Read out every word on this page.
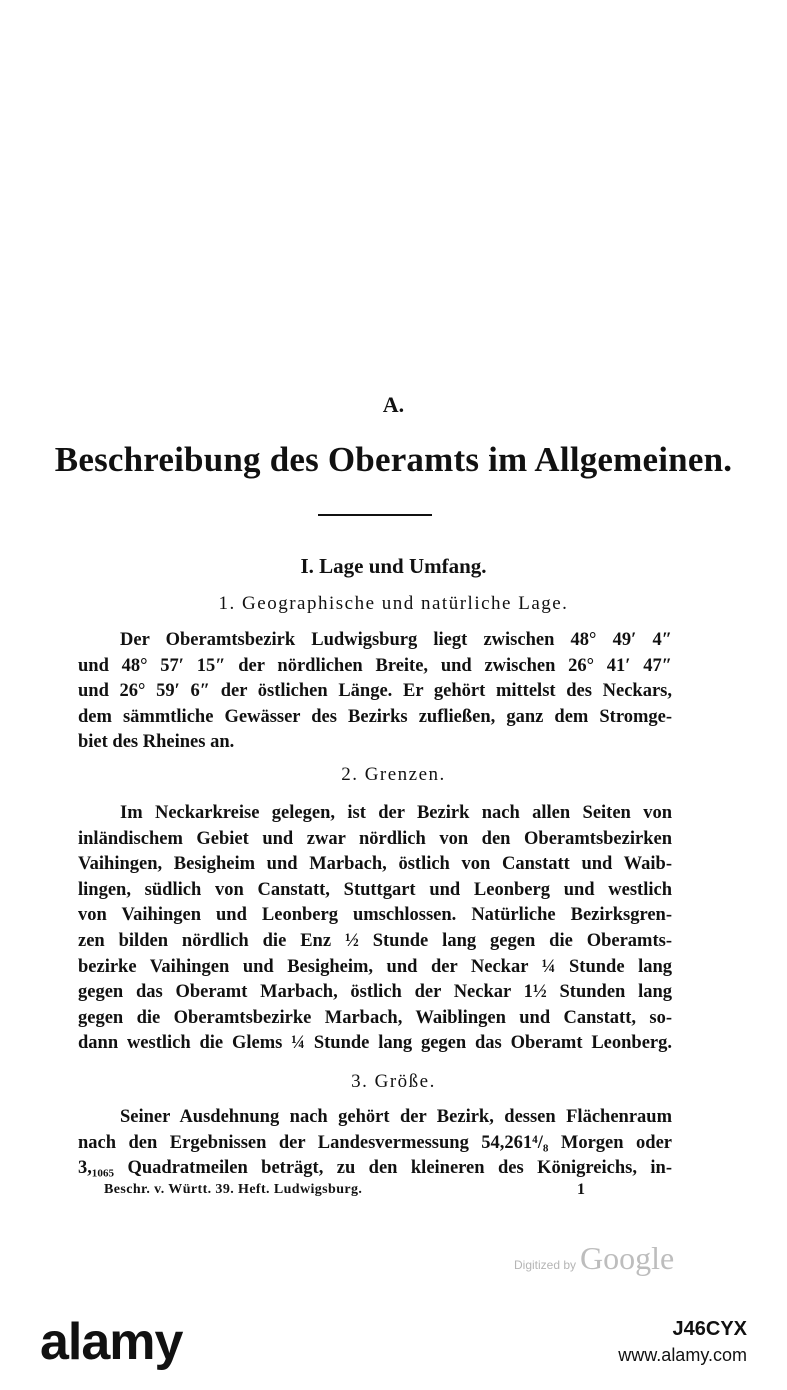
A.
Beschreibung des Oberamts im Allgemeinen.
I. Lage und Umfang.
1. Geographische und natürliche Lage.
Der Oberamtsbezirk Ludwigsburg liegt zwischen 48° 49′ 4″
und 48° 57′ 15″ der nördlichen Breite, und zwischen 26° 41′ 47″
und 26° 59′ 6″ der östlichen Länge. Er gehört mittelst des Neckars,
dem sämmtliche Gewässer des Bezirks zufließen, ganz dem Stromge-
biet des Rheines an.
2. Grenzen.
Im Neckarkreise gelegen, ist der Bezirk nach allen Seiten von
inländischem Gebiet und zwar nördlich von den Oberamtsbezirken
Vaihingen, Besigheim und Marbach, östlich von Canstatt und Waib-
lingen, südlich von Canstatt, Stuttgart und Leonberg und westlich
von Vaihingen und Leonberg umschlossen. Natürliche Bezirksgren-
zen bilden nördlich die Enz ½ Stunde lang gegen die Oberamts-
bezirke Vaihingen und Besigheim, und der Neckar ¼ Stunde lang
gegen das Oberamt Marbach, östlich der Neckar 1½ Stunden lang
gegen die Oberamtsbezirke Marbach, Waiblingen und Canstatt, so-
dann westlich die Glems ¼ Stunde lang gegen das Oberamt Leonberg.
3. Größe.
Seiner Ausdehnung nach gehört der Bezirk, dessen Flächenraum
nach den Ergebnissen der Landesvermessung 54,261⁴/₈ Morgen oder
3,₁₀₆₅ Quadratmeilen beträgt, zu den kleineren des Königreichs, in-
Beschr. v. Württ. 39. Heft. Ludwigsburg.	1
Digitized by Google
alamy	J46CYX
www.alamy.com
